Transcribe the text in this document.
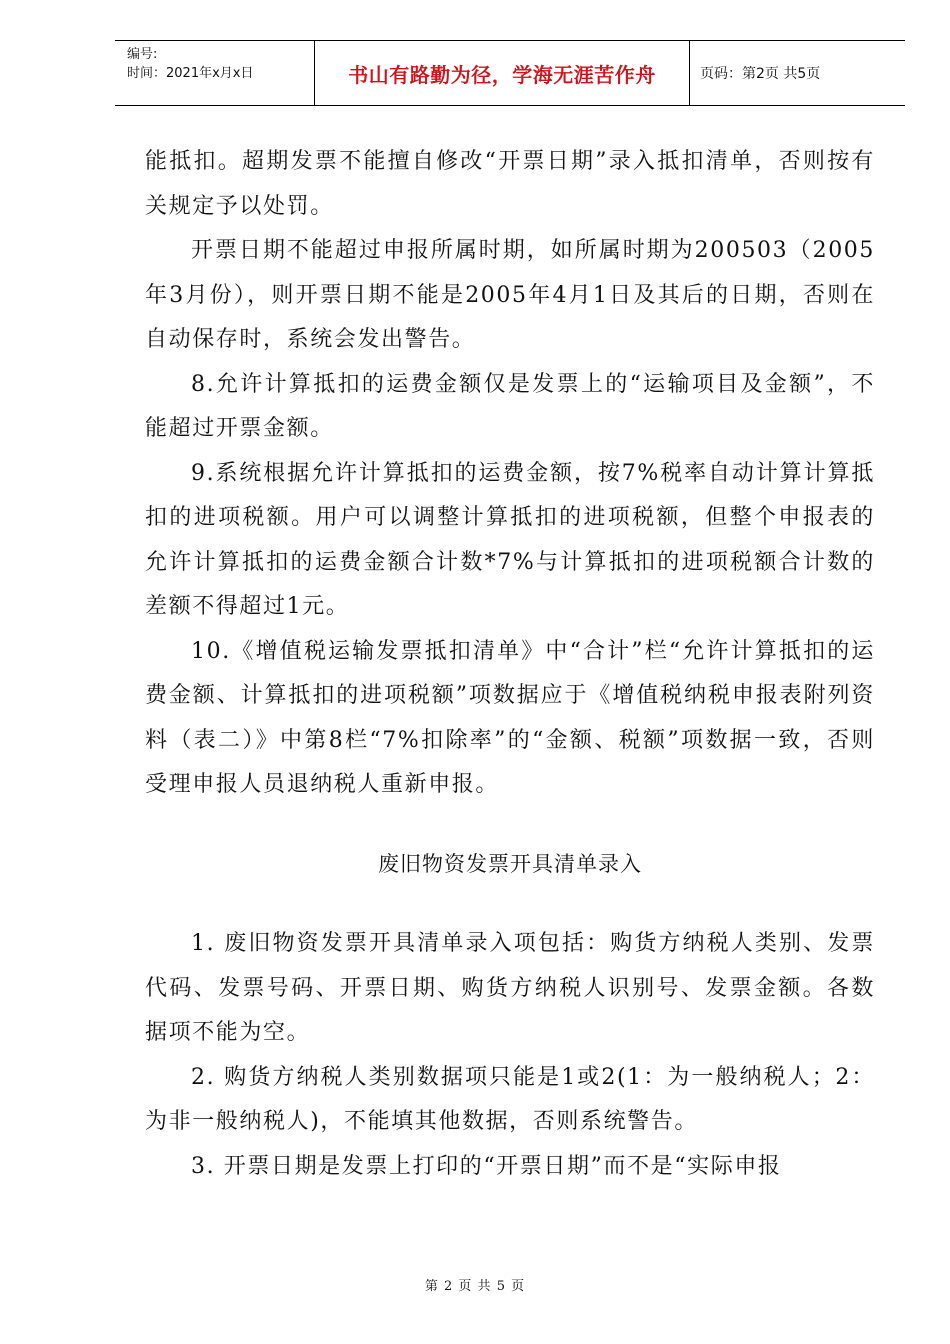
编号:
时间：2021年x月x日	书山有路勤为径，学海无涯苦作舟	页码：第2页 共5页

能抵扣。超期发票不能擅自修改“开票日期”录入抵扣清单，否则按有关规定予以处罚。

开票日期不能超过申报所属时期，如所属时期为200503（2005年3月份），则开票日期不能是2005年4月1日及其后的日期，否则在自动保存时，系统会发出警告。

8.允许计算抵扣的运费金额仅是发票上的“运输项目及金额”，不能超过开票金额。

9.系统根据允许计算抵扣的运费金额，按7%税率自动计算计算抵扣的进项税额。用户可以调整计算抵扣的进项税额，但整个申报表的允许计算抵扣的运费金额合计数*7%与计算抵扣的进项税额合计数的差额不得超过1元。

10.《增值税运输发票抵扣清单》中“合计”栏“允许计算抵扣的运费金额、计算抵扣的进项税额”项数据应于《增值税纳税申报表附列资料（表二）》中第8栏“7%扣除率”的“金额、税额”项数据一致，否则受理申报人员退纳税人重新申报。

废旧物资发票开具清单录入

1. 废旧物资发票开具清单录入项包括：购货方纳税人类别、发票代码、发票号码、开票日期、购货方纳税人识别号、发票金额。各数据项不能为空。

2. 购货方纳税人类别数据项只能是1或2(1：为一般纳税人；2：为非一般纳税人)，不能填其他数据，否则系统警告。

3. 开票日期是发票上打印的“开票日期”而不是“实际申报

第 2 页 共 5 页
